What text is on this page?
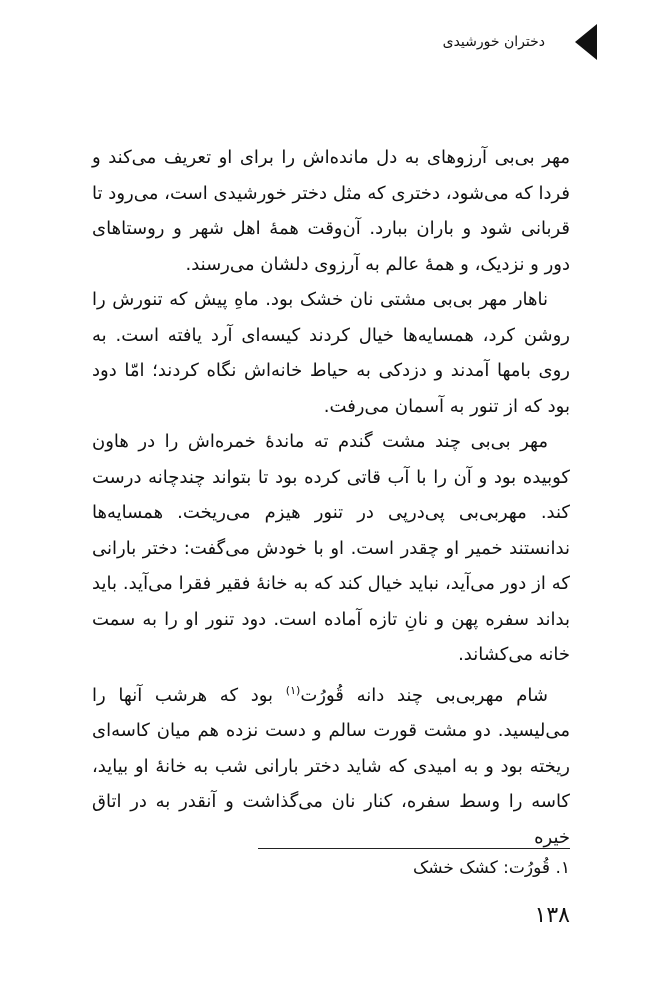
دختران خورشیدی

مهر بی‌بی آرزوهای به دل مانده‌اش را برای او تعریف می‌کند و فردا که می‌شود، دختری که مثل دختر خورشیدی است، می‌رود تا قربانی شود و باران ببارد. آن‌وقت همهٔ اهل شهر و روستاهای دور و نزدیک، و همهٔ عالم به آرزوی دلشان می‌رسند.

ناهار مهر بی‌بی مشتی نان خشک بود. ماهِ پیش که تنورش را روشن کرد، همسایه‌ها خیال کردند کیسه‌ای آرد یافته است. به روی بامها آمدند و دزدکی به حیاط خانه‌اش نگاه کردند؛ امّا دود بود که از تنور به آسمان می‌رفت.

مهر بی‌بی چند مشت گندم ته ماندهٔ خمره‌اش را در هاون کوبیده بود و آن را با آب قاتی کرده بود تا بتواند چندچانه درست کند. مهربی‌بی پی‌درپی در تنور هیزم می‌ریخت. همسایه‌ها ندانستند خمیر او چقدر است. او با خودش می‌گفت: دختر بارانی که از دور می‌آید، نباید خیال کند که به خانهٔ فقیر فقرا می‌آید. باید بداند سفره پهن و نانِ تازه آماده است. دود تنور او را به سمت خانه می‌کشاند.

شام مهربی‌بی چند دانه قُورُت$^{(۱)}$ بود که هرشب آنها را می‌لیسید. دو مشت قورت سالم و دست نزده هم میان کاسه‌ای ریخته بود و به امیدی که شاید دختر بارانی شب به خانهٔ او بیاید، کاسه را وسط سفره، کنار نان می‌گذاشت و آنقدر به در اتاق خیره

۱. قُورُت: کشک خشک
۱۳۸
